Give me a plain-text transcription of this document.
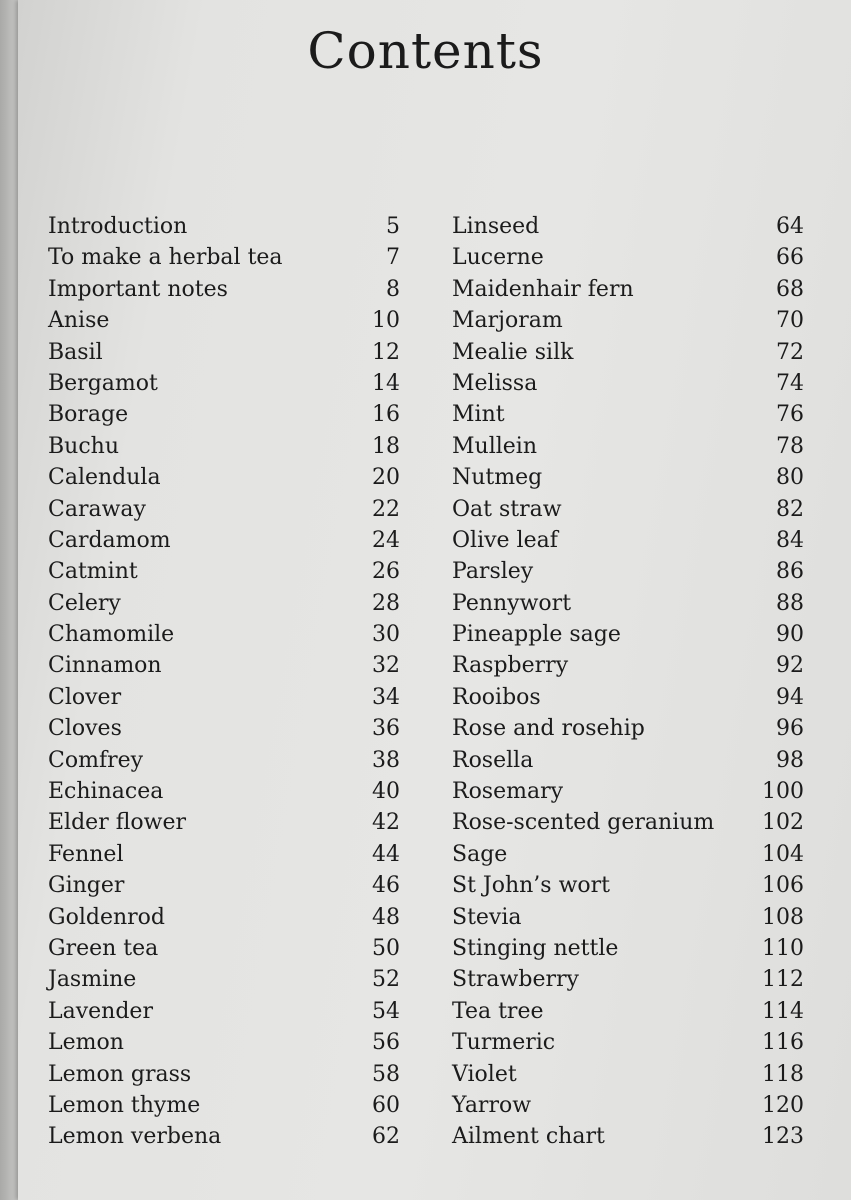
Contents
Introduction	5
To make a herbal tea	7
Important notes	8
Anise	10
Basil	12
Bergamot	14
Borage	16
Buchu	18
Calendula	20
Caraway	22
Cardamom	24
Catmint	26
Celery	28
Chamomile	30
Cinnamon	32
Clover	34
Cloves	36
Comfrey	38
Echinacea	40
Elder flower	42
Fennel	44
Ginger	46
Goldenrod	48
Green tea	50
Jasmine	52
Lavender	54
Lemon	56
Lemon grass	58
Lemon thyme	60
Lemon verbena	62
Linseed	64
Lucerne	66
Maidenhair fern	68
Marjoram	70
Mealie silk	72
Melissa	74
Mint	76
Mullein	78
Nutmeg	80
Oat straw	82
Olive leaf	84
Parsley	86
Pennywort	88
Pineapple sage	90
Raspberry	92
Rooibos	94
Rose and rosehip	96
Rosella	98
Rosemary	100
Rose-scented geranium 102
Sage	104
St John’s wort	106
Stevia	108
Stinging nettle	110
Strawberry	112
Tea tree	114
Turmeric	116
Violet	118
Yarrow	120
Ailment chart	123
